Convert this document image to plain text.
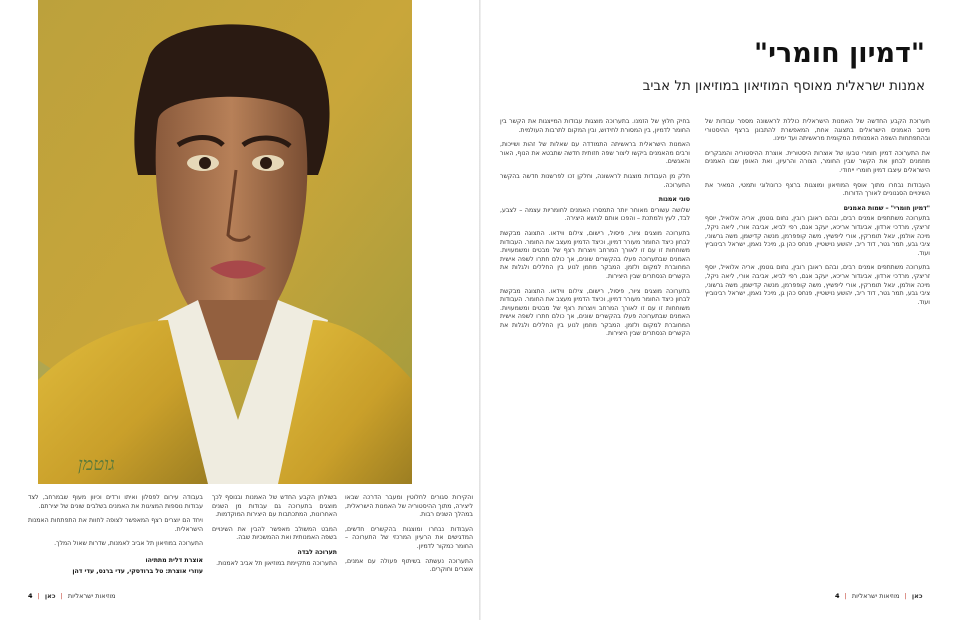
גוטמן
"דמיון חומרי"
אמנות ישראלית מאוסף המוזיאון במוזיאון תל אביב

תערוכת הקבע החדשה של האמנות הישראלית כוללת לראשונה מספר עבודות של מיטב האמנים הישראלים בתצוגה אחת, המאפשרת להתבונן ברצף ההיסטורי ובהתפתחות השפה האמנותית המקומית מראשיתה ועד ימינו.

את התערוכה דמיון חומרי טבעו של אוצרות היסטורית. אוצרת ההיסטוריה והמבקרים מוזמנים לבחון את הקשר שבין החומר, הצורה והרעיון, ואת האופן שבו האמנים הישראלים עיצבו דמיון חומרי ייחודי.

העבודות נבחרו מתוך אוסף המוזיאון ומוצגות ברצף כרונולוגי ותמטי, המאיר את השינויים הסגנוניים לאורך הדורות.

"דמיון חומרי" – שמות האמנים

בתערוכה משתתפים אמנים רבים, ובהם ראובן רובין, נחום גוטמן, אריה אלואיל, יוסף זריצקי, מרדכי ארדון, אביגדור אריכא, יעקב אגם, רפי לביא, אביבה אורי, ליאה ניקל, מיכה אולמן, יגאל תומרקין, אורי ליפשיץ, משה קופפרמן, מנשה קדישמן, משה גרשוני, ציבי גבע, תמר גטר, דוד ריב, יהושע נוישטיין, פנחס כהן גן, מיכל נאמן, ישראל רבינוביץ ועוד.

בתערוכה משתתפים אמנים רבים, ובהם ראובן רובין, נחום גוטמן, אריה אלואיל, יוסף זריצקי, מרדכי ארדון, אביגדור אריכא, יעקב אגם, רפי לביא, אביבה אורי, ליאה ניקל, מיכה אולמן, יגאל תומרקין, אורי ליפשיץ, משה קופפרמן, מנשה קדישמן, משה גרשוני, ציבי גבע, תמר גטר, דוד ריב, יהושע נוישטיין, פנחס כהן גן, מיכל נאמן, ישראל רבינוביץ ועוד.

בחיק חלוץ של הזמנו. בתערוכה מוצגות עבודות המייצגות את הקשר בין החומר לדמיון, בין המסורת לחידוש, ובין המקום לתרבות העולמית.

האמנות הישראלית בראשיתה התמודדה עם שאלות של זהות ושייכות, ורבים מהאמנים ביקשו ליצור שפה חזותית חדשה שתבטא את הנוף, האור והאנשים.

חלק מן העבודות מוצגות לראשונה, וחלקן זכו לפרשנות חדשה בהקשר התערוכה.

סוגי אמנות

שלושה עשורים מאוחר יותר התמסרו האמנים לחומריות עצמה – לצבע, לבד, לעץ ולמתכת – והפכו אותם לנושא היצירה.

בתערוכה מוצגים ציור, פיסול, רישום, צילום ווידאו. התצוגה מבקשת לבחון כיצד החומר מעורר דמיון, וכיצד הדמיון מעצב את החומר. העבודות משוחחות זו עם זו לאורך המרחב ויוצרות רצף של מבטים ומשמעויות. האמנים שבתערוכה פעלו בהקשרים שונים, אך כולם חתרו לשפה אישית המחוברת למקום ולזמן. המבקר מוזמן לנוע בין החללים ולגלות את הקשרים הנסתרים שבין היצירות.

בתערוכה מוצגים ציור, פיסול, רישום, צילום ווידאו. התצוגה מבקשת לבחון כיצד החומר מעורר דמיון, וכיצד הדמיון מעצב את החומר. העבודות משוחחות זו עם זו לאורך המרחב ויוצרות רצף של מבטים ומשמעויות. האמנים שבתערוכה פעלו בהקשרים שונים, אך כולם חתרו לשפה אישית המחוברת למקום ולזמן. המבקר מוזמן לנוע בין החללים ולגלות את הקשרים הנסתרים שבין היצירות.

והקירות סגורים לחלוטין ומעבר הדרכה שבאו ליצירה, מתוך ההיסטוריה של האמנות הישראלית, במהלך השנים רבות.

העבודות נבחרו ומוצגות בהקשרים חדשים, המדגישים את הרעיון המרכזי של התערוכה – החומר כמקור לדמיון.

התערוכה נעשתה בשיתוף פעולה עם אמנים, אוצרים וחוקרים.

בשולחן הקבע החדש של האמנות ובנוסף לכך מוצגים בתערוכה גם עבודות מן השנים האחרונות, המתכתבות עם היצירות המוקדמות.

המבט המשולב מאפשר להבין את השינויים בשפה האמנותית ואת ההמשכיות שבה.

תערוכה לבדה

התערוכה מתקיימת במוזיאון תל אביב לאמנות.

בעבודה עירום לפסלון ואיתו ורדים וכיוון מעוף שבמרחב, לצד עבודות נוספות המציגות את האמנים בשלבים שונים של יצירתם.

ויחד הם יוצרים רצף המאפשר לצופה לחוות את התפתחות האמנות הישראלית.

התערוכה במוזיאון תל אביב לאמנות, שדרות שאול המלך.

אוצרת דלית מתתיהו
עוזרי אוצרת: טל ברודסקי, עדי ברנס, עדי דהן
4 |	מוזיאות ישראליות | כאן	כאן | מוזיאות ישראליות | 4
